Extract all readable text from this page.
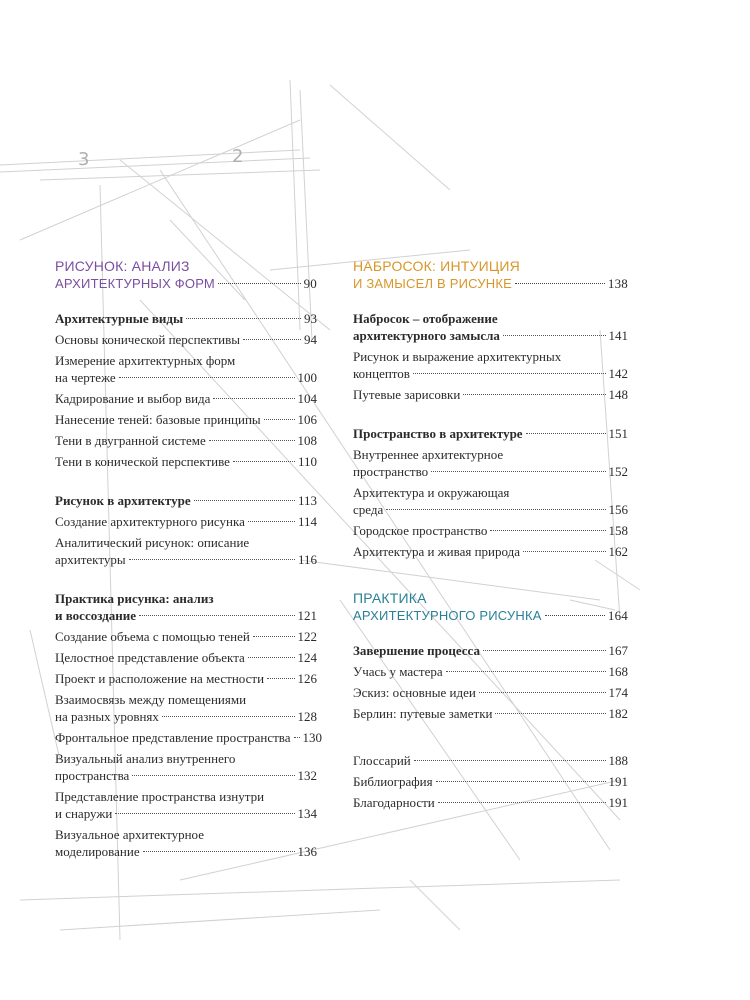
3	2
РИСУНОК: АНАЛИЗ
АРХИТЕКТУРНЫХ ФОРМ	90
Архитектурные виды	93
Основы конической перспективы	94
Измерение архитектурных форм
на чертеже	100
Кадрирование и выбор вида	104
Нанесение теней: базовые принципы	106
Тени в двугранной системе	108
Тени в конической перспективе	110
Рисунок в архитектуре	113
Создание архитектурного рисунка	114
Аналитический рисунок: описание
архитектуры	116
Практика рисунка: анализ
и воссоздание	121
Создание объема с помощью теней	122
Целостное представление объекта	124
Проект и расположение на местности	126
Взаимосвязь между помещениями
на разных уровнях	128
Фронтальное представление пространства 130
Визуальный анализ внутреннего
пространства	132
Представление пространства изнутри
и снаружи	134
Визуальное архитектурное
моделирование	136
НАБРОСОК: ИНТУИЦИЯ
И ЗАМЫСЕЛ В РИСУНКЕ	138
Набросок – отображение
архитектурного замысла	141
Рисунок и выражение архитектурных
концептов	142
Путевые зарисовки	148
Пространство в архитектуре	151
Внутреннее архитектурное
пространство	152
Архитектура и окружающая
среда	156
Городское пространство	158
Архитектура и живая природа	162
ПРАКТИКА
АРХИТЕКТУРНОГО РИСУНКА	164
Завершение процесса	167
Учась у мастера	168
Эскиз: основные идеи	174
Берлин: путевые заметки	182
Глоссарий	188
Библиография	191
Благодарности	191
